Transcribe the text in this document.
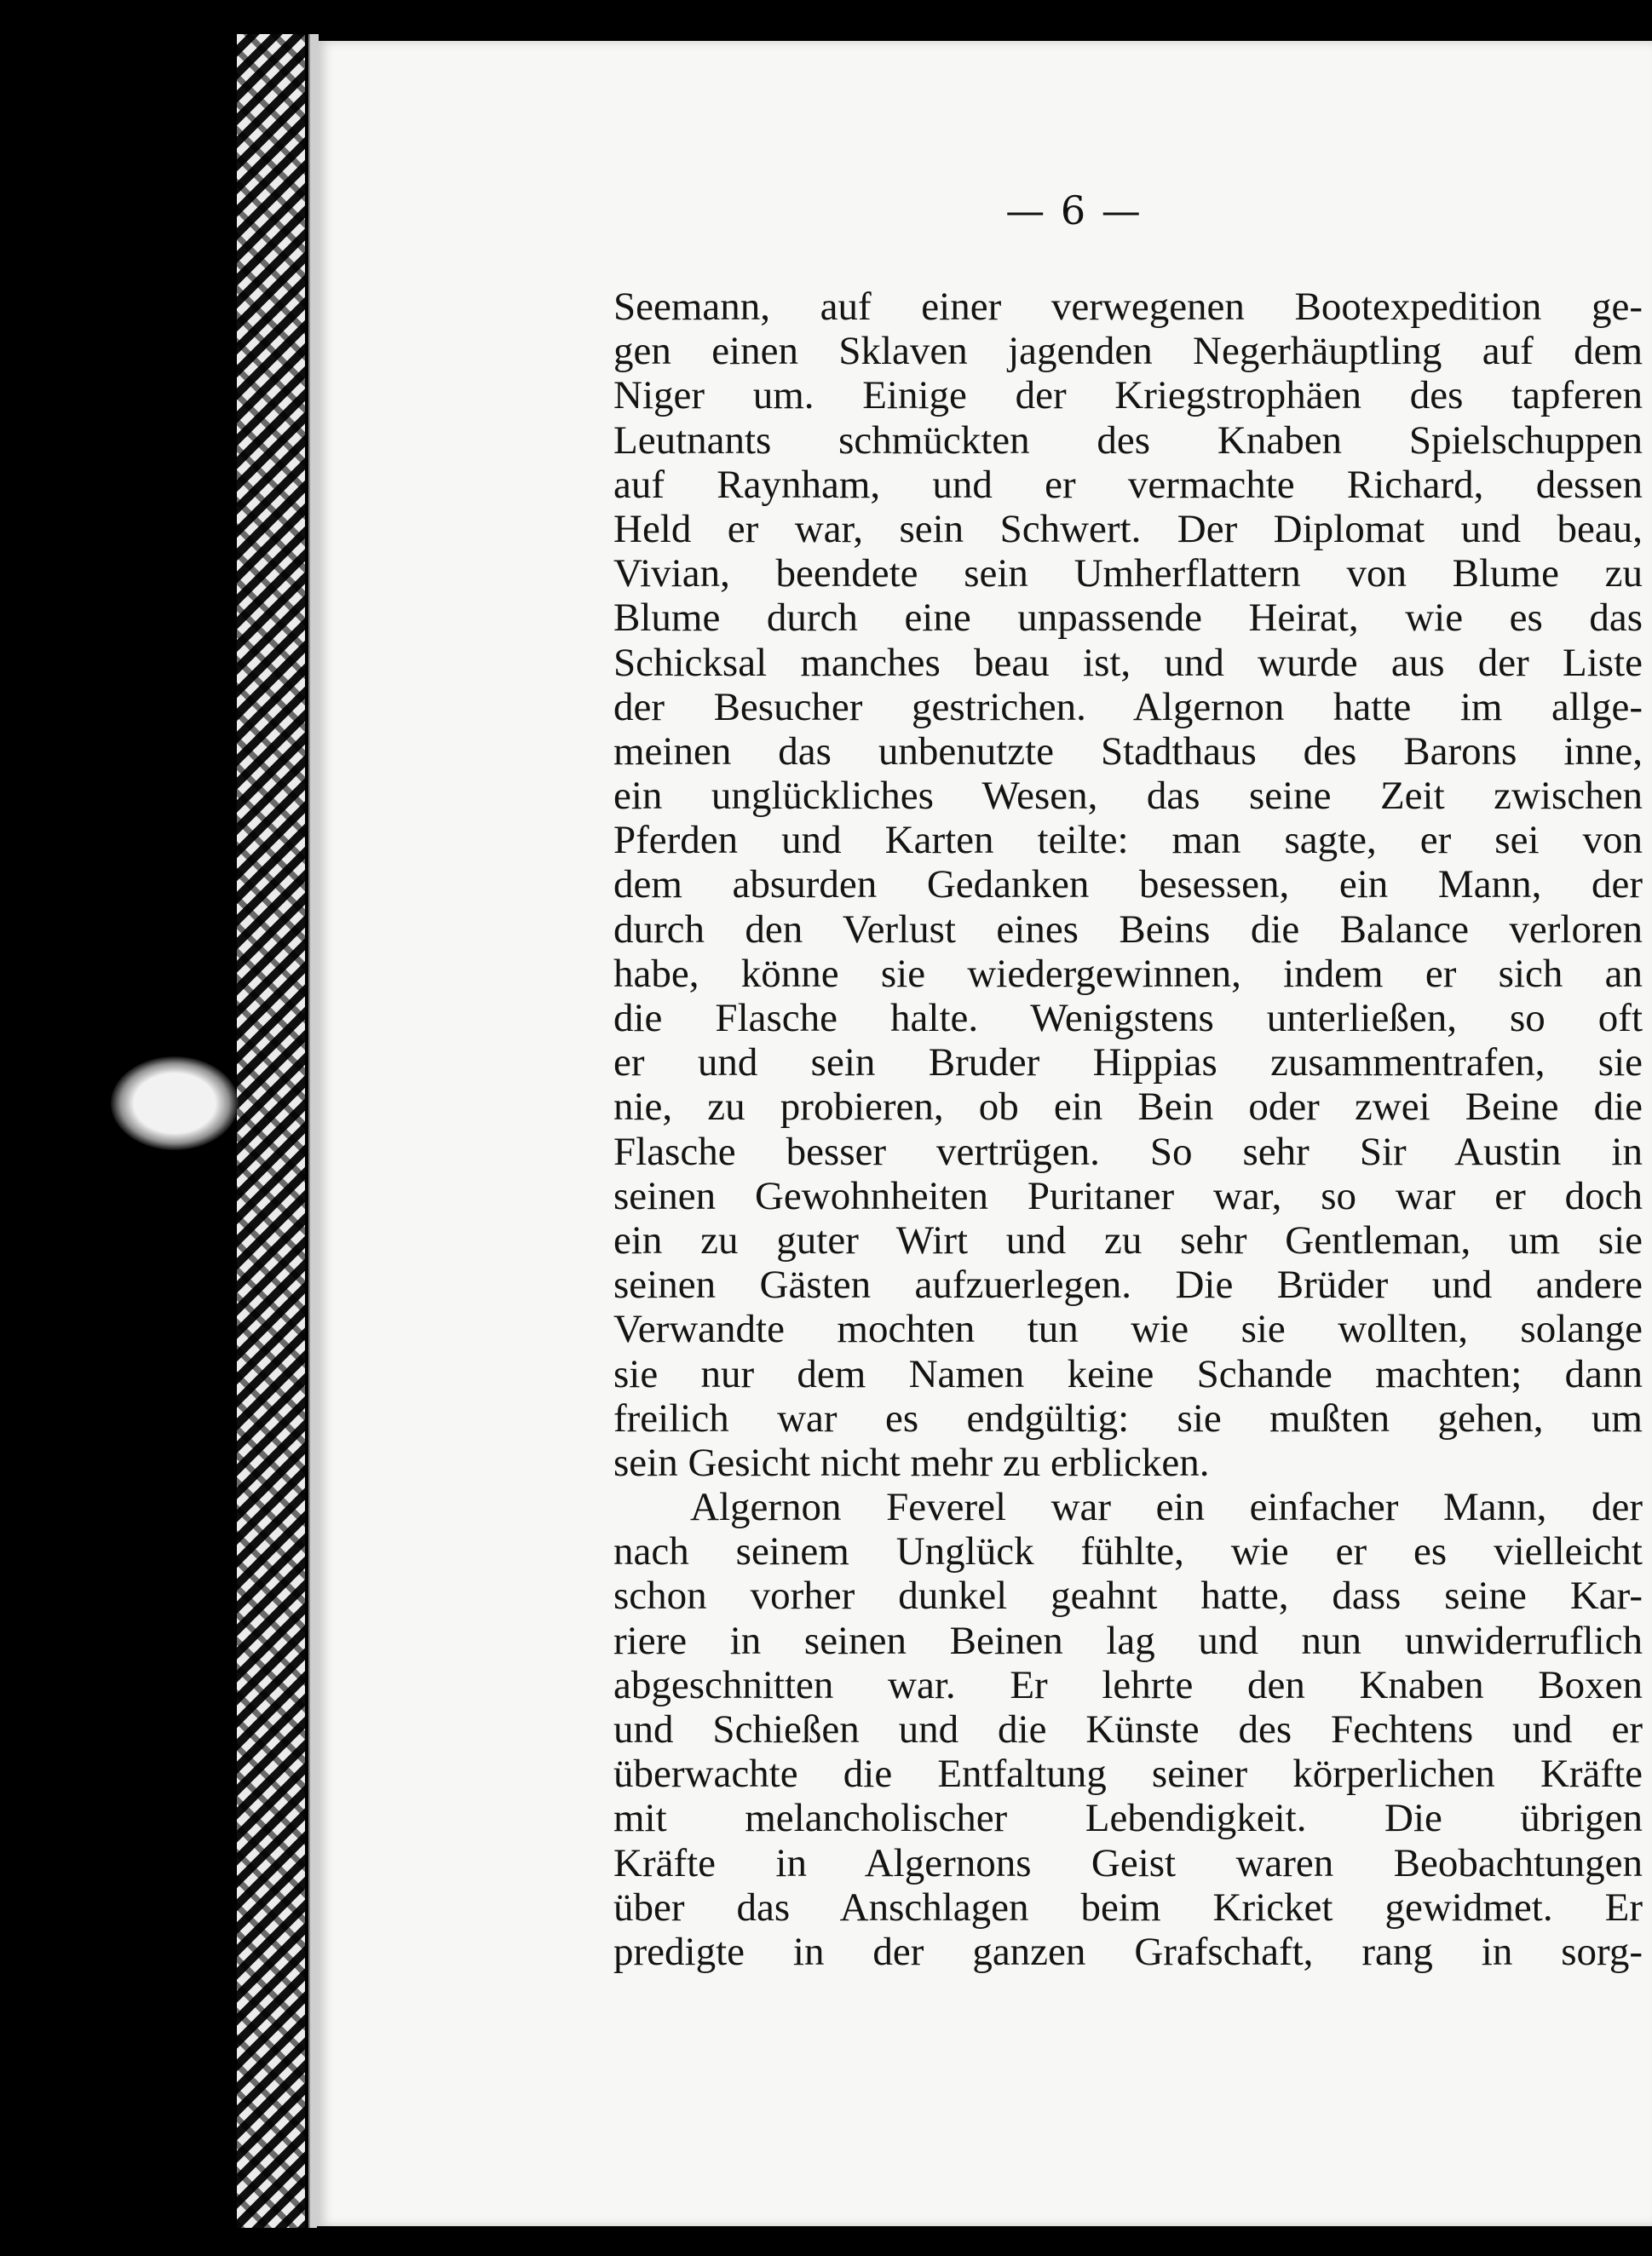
— 6 —
Seemann, auf einer verwegenen Bootexpedition ge-
gen einen Sklaven jagenden Negerhäuptling auf dem
Niger um. Einige der Kriegstrophäen des tapferen
Leutnants schmückten des Knaben Spielschuppen
auf Raynham, und er vermachte Richard, dessen
Held er war, sein Schwert. Der Diplomat und beau,
Vivian, beendete sein Umherflattern von Blume zu
Blume durch eine unpassende Heirat, wie es das
Schicksal manches beau ist, und wurde aus der Liste
der Besucher gestrichen. Algernon hatte im allge-
meinen das unbenutzte Stadthaus des Barons inne,
ein unglückliches Wesen, das seine Zeit zwischen
Pferden und Karten teilte: man sagte, er sei von
dem absurden Gedanken besessen, ein Mann, der
durch den Verlust eines Beins die Balance verloren
habe, könne sie wiedergewinnen, indem er sich an
die Flasche halte. Wenigstens unterließen, so oft
er und sein Bruder Hippias zusammentrafen, sie
nie, zu probieren, ob ein Bein oder zwei Beine die
Flasche besser vertrügen. So sehr Sir Austin in
seinen Gewohnheiten Puritaner war, so war er doch
ein zu guter Wirt und zu sehr Gentleman, um sie
seinen Gästen aufzuerlegen. Die Brüder und andere
Verwandte mochten tun wie sie wollten, solange
sie nur dem Namen keine Schande machten; dann
freilich war es endgültig: sie mußten gehen, um
sein Gesicht nicht mehr zu erblicken.
Algernon Feverel war ein einfacher Mann, der
nach seinem Unglück fühlte, wie er es vielleicht
schon vorher dunkel geahnt hatte, dass seine Kar-
riere in seinen Beinen lag und nun unwiderruflich
abgeschnitten war. Er lehrte den Knaben Boxen
und Schießen und die Künste des Fechtens und er
überwachte die Entfaltung seiner körperlichen Kräfte
mit melancholischer Lebendigkeit. Die übrigen
Kräfte in Algernons Geist waren Beobachtungen
über das Anschlagen beim Kricket gewidmet. Er
predigte in der ganzen Grafschaft, rang in sorg-
